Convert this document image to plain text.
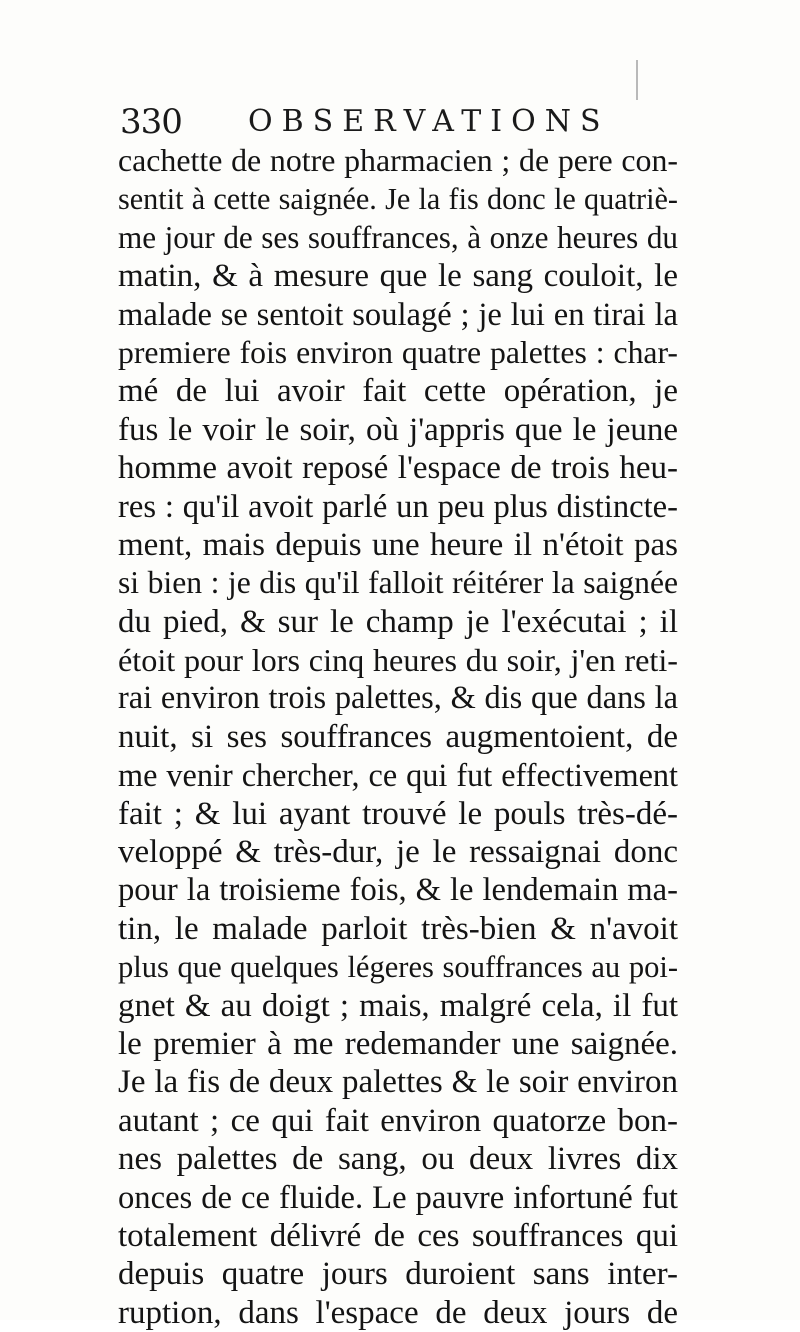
330 OBSERVATIONS
cachette de notre pharmacien ; de pere con-
sentit à cette saignée. Je la fis donc le quatriè-
me jour de ses souffrances, à onze heures du
matin, & à mesure que le sang couloit, le
malade se sentoit soulagé ; je lui en tirai la
premiere fois environ quatre palettes : char-
mé de lui avoir fait cette opération, je
fus le voir le soir, où j'appris que le jeune
homme avoit reposé l'espace de trois heu-
res : qu'il avoit parlé un peu plus distincte-
ment, mais depuis une heure il n'étoit pas
si bien : je dis qu'il falloit réitérer la saignée
du pied, & sur le champ je l'exécutai ; il
étoit pour lors cinq heures du soir, j'en reti-
rai environ trois palettes, & dis que dans la
nuit, si ses souffrances augmentoient, de
me venir chercher, ce qui fut effectivement
fait ; & lui ayant trouvé le pouls très-dé-
veloppé & très-dur, je le ressaignai donc
pour la troisieme fois, & le lendemain ma-
tin, le malade parloit très-bien & n'avoit
plus que quelques légeres souffrances au poi-
gnet & au doigt ; mais, malgré cela, il fut
le premier à me redemander une saignée.
Je la fis de deux palettes & le soir environ
autant ; ce qui fait environ quatorze bon-
nes palettes de sang, ou deux livres dix
onces de ce fluide. Le pauvre infortuné fut
totalement délivré de ces souffrances qui
depuis quatre jours duroient sans inter-
ruption, dans l'espace de deux jours de
